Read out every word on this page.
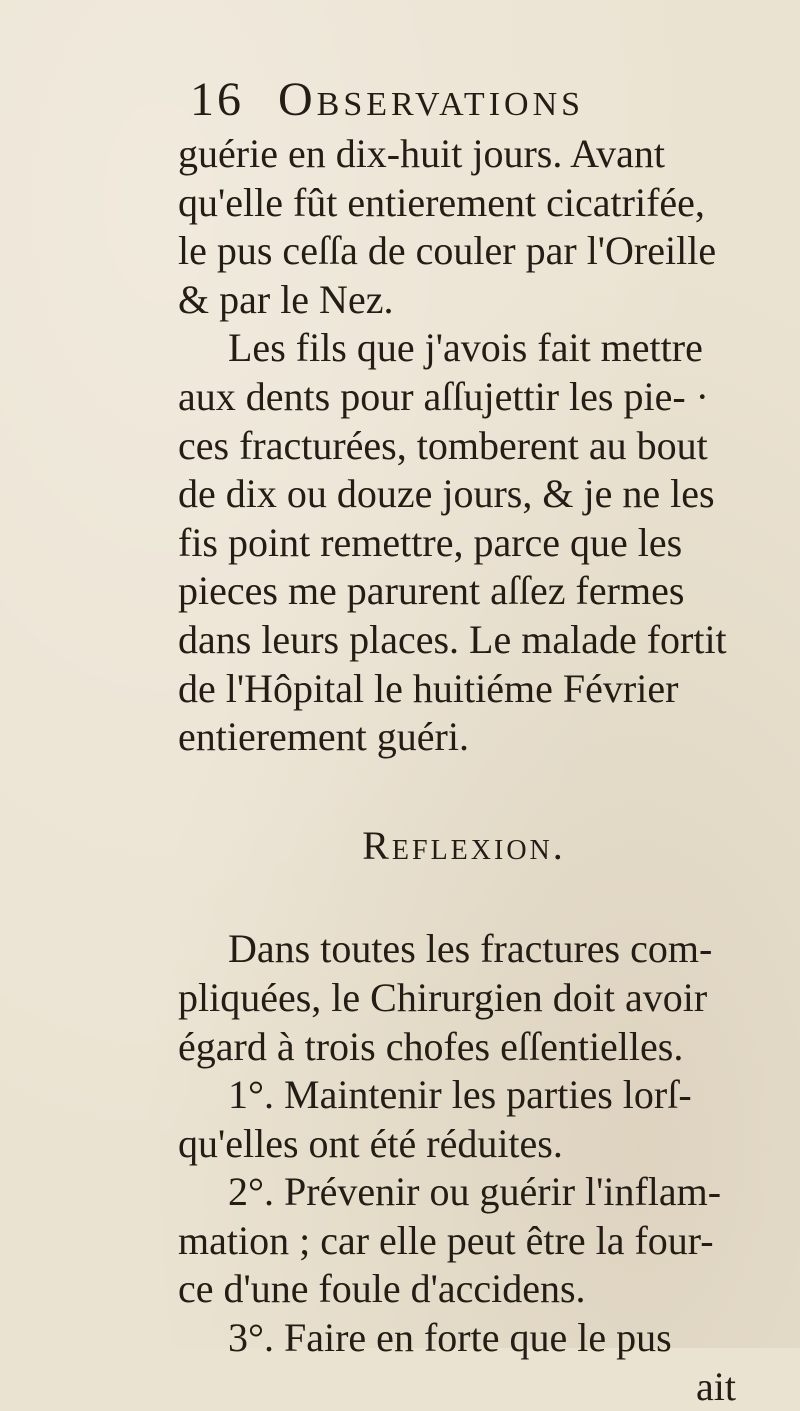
16 Observations
guérie en dix-huit jours. Avant
qu'elle fût entierement cicatrifée,
le pus ceſſa de couler par l'Oreille
& par le Nez.
Les fils que j'avois fait mettre
aux dents pour aſſujettir les pie- ·
ces fracturées, tomberent au bout
de dix ou douze jours, & je ne les
fis point remettre, parce que les
pieces me parurent aſſez fermes
dans leurs places. Le malade fortit
de l'Hôpital le huitiéme Février
entierement guéri.
Reflexion.
Dans toutes les fractures com-
pliquées, le Chirurgien doit avoir
égard à trois chofes eſſentielles.
1°. Maintenir les parties lorſ-
qu'elles ont été réduites.
2°. Prévenir ou guérir l'inflam-
mation ; car elle peut être la four-
ce d'une foule d'accidens.
3°. Faire en forte que le pus
ait
